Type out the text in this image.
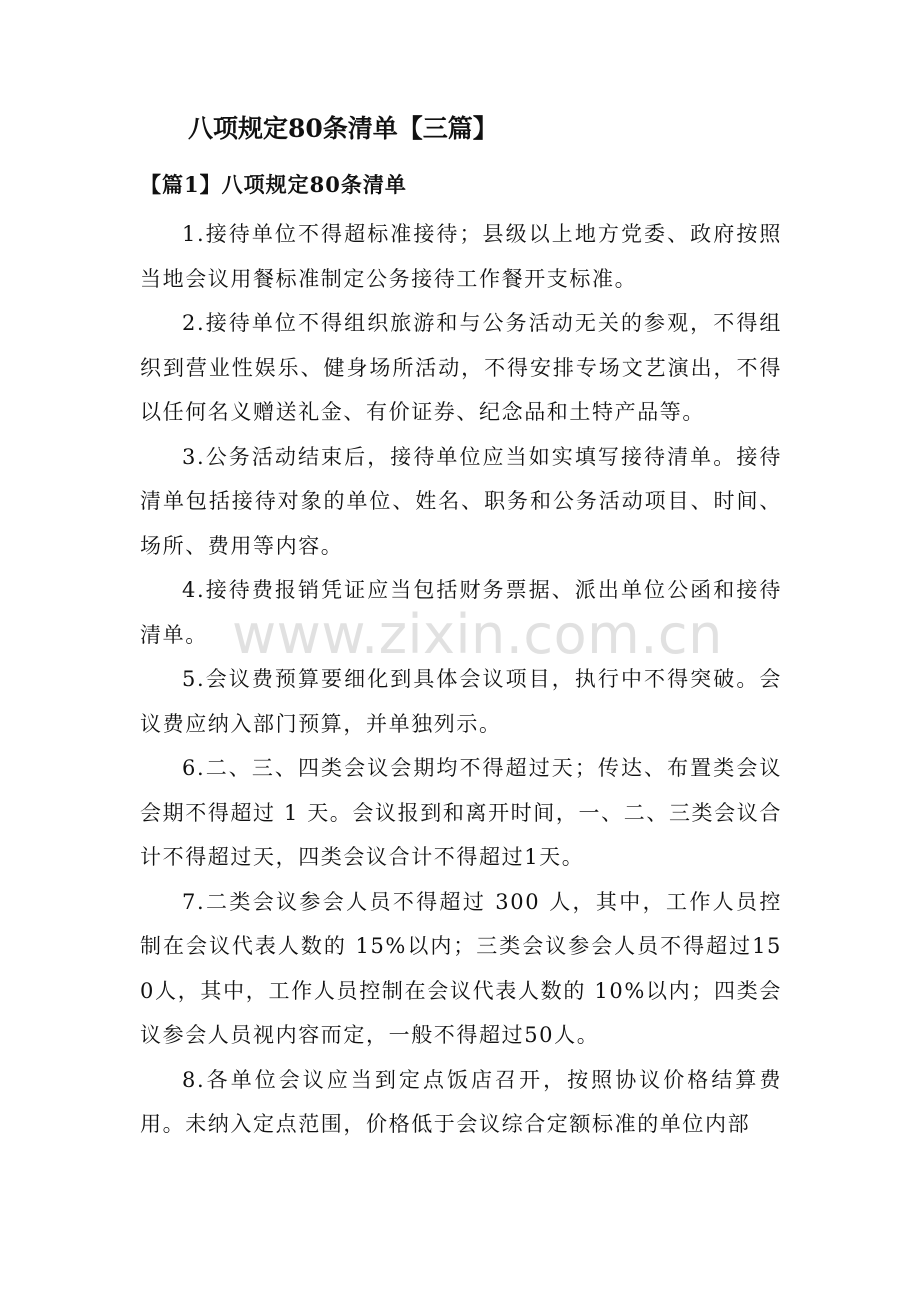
八项规定80条清单【三篇】
【篇1】八项规定80条清单

1.接待单位不得超标准接待；县级以上地方党委、政府按照当地会议用餐标准制定公务接待工作餐开支标准。

2.接待单位不得组织旅游和与公务活动无关的参观，不得组织到营业性娱乐、健身场所活动，不得安排专场文艺演出，不得以任何名义赠送礼金、有价证券、纪念品和土特产品等。

3.公务活动结束后，接待单位应当如实填写接待清单。接待清单包括接待对象的单位、姓名、职务和公务活动项目、时间、场所、费用等内容。

4.接待费报销凭证应当包括财务票据、派出单位公函和接待清单。

5.会议费预算要细化到具体会议项目，执行中不得突破。会议费应纳入部门预算，并单独列示。

6.二、三、四类会议会期均不得超过天；传达、布置类会议会期不得超过 1 天。会议报到和离开时间，一、二、三类会议合计不得超过天，四类会议合计不得超过1天。

7.二类会议参会人员不得超过 300 人，其中，工作人员控制在会议代表人数的 15%以内；三类会议参会人员不得超过150人，其中，工作人员控制在会议代表人数的 10%以内；四类会议参会人员视内容而定，一般不得超过50人。

8.各单位会议应当到定点饭店召开，按照协议价格结算费用。未纳入定点范围，价格低于会议综合定额标准的单位内部

www.zixin.com.cn
